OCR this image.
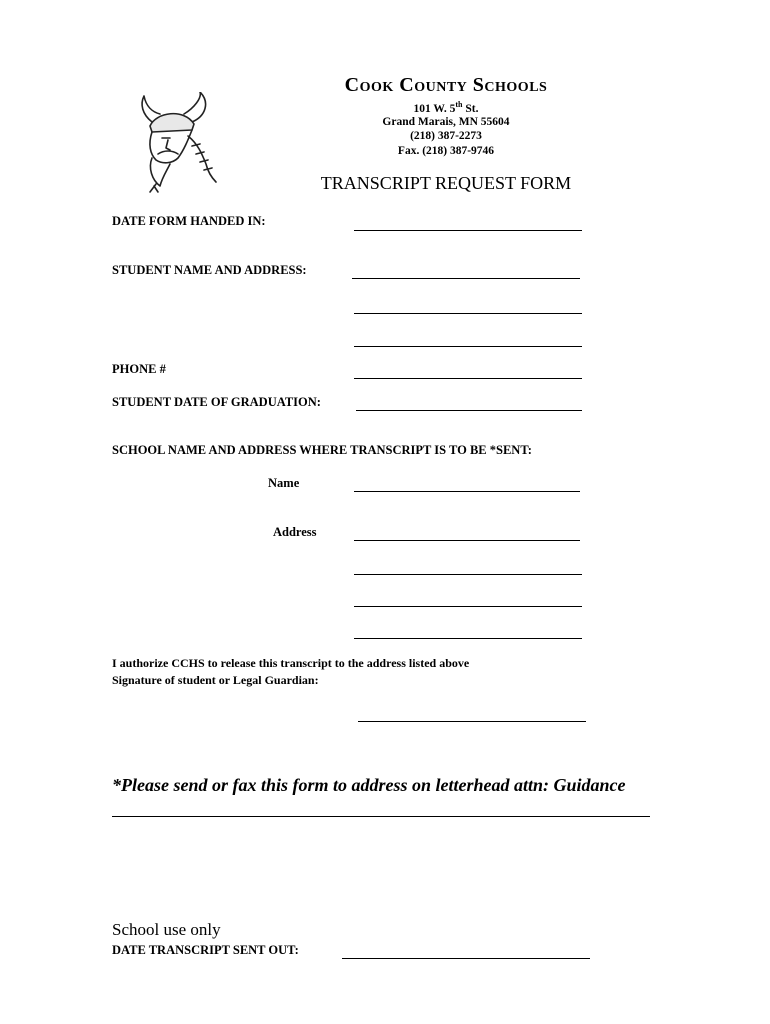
Cook County Schools
101 W. 5th St.
Grand Marais, MN 55604
(218) 387-2273
Fax. (218) 387-9746
TRANSCRIPT REQUEST FORM
DATE FORM HANDED IN:
STUDENT NAME AND ADDRESS:
PHONE #
STUDENT DATE OF GRADUATION:
SCHOOL NAME AND ADDRESS WHERE TRANSCRIPT IS TO BE *SENT:
Name
Address
I authorize CCHS to release this transcript to the address listed above
Signature of student or Legal Guardian:
*Please send or fax this form to address on letterhead attn: Guidance
School use only
DATE TRANSCRIPT SENT OUT:
